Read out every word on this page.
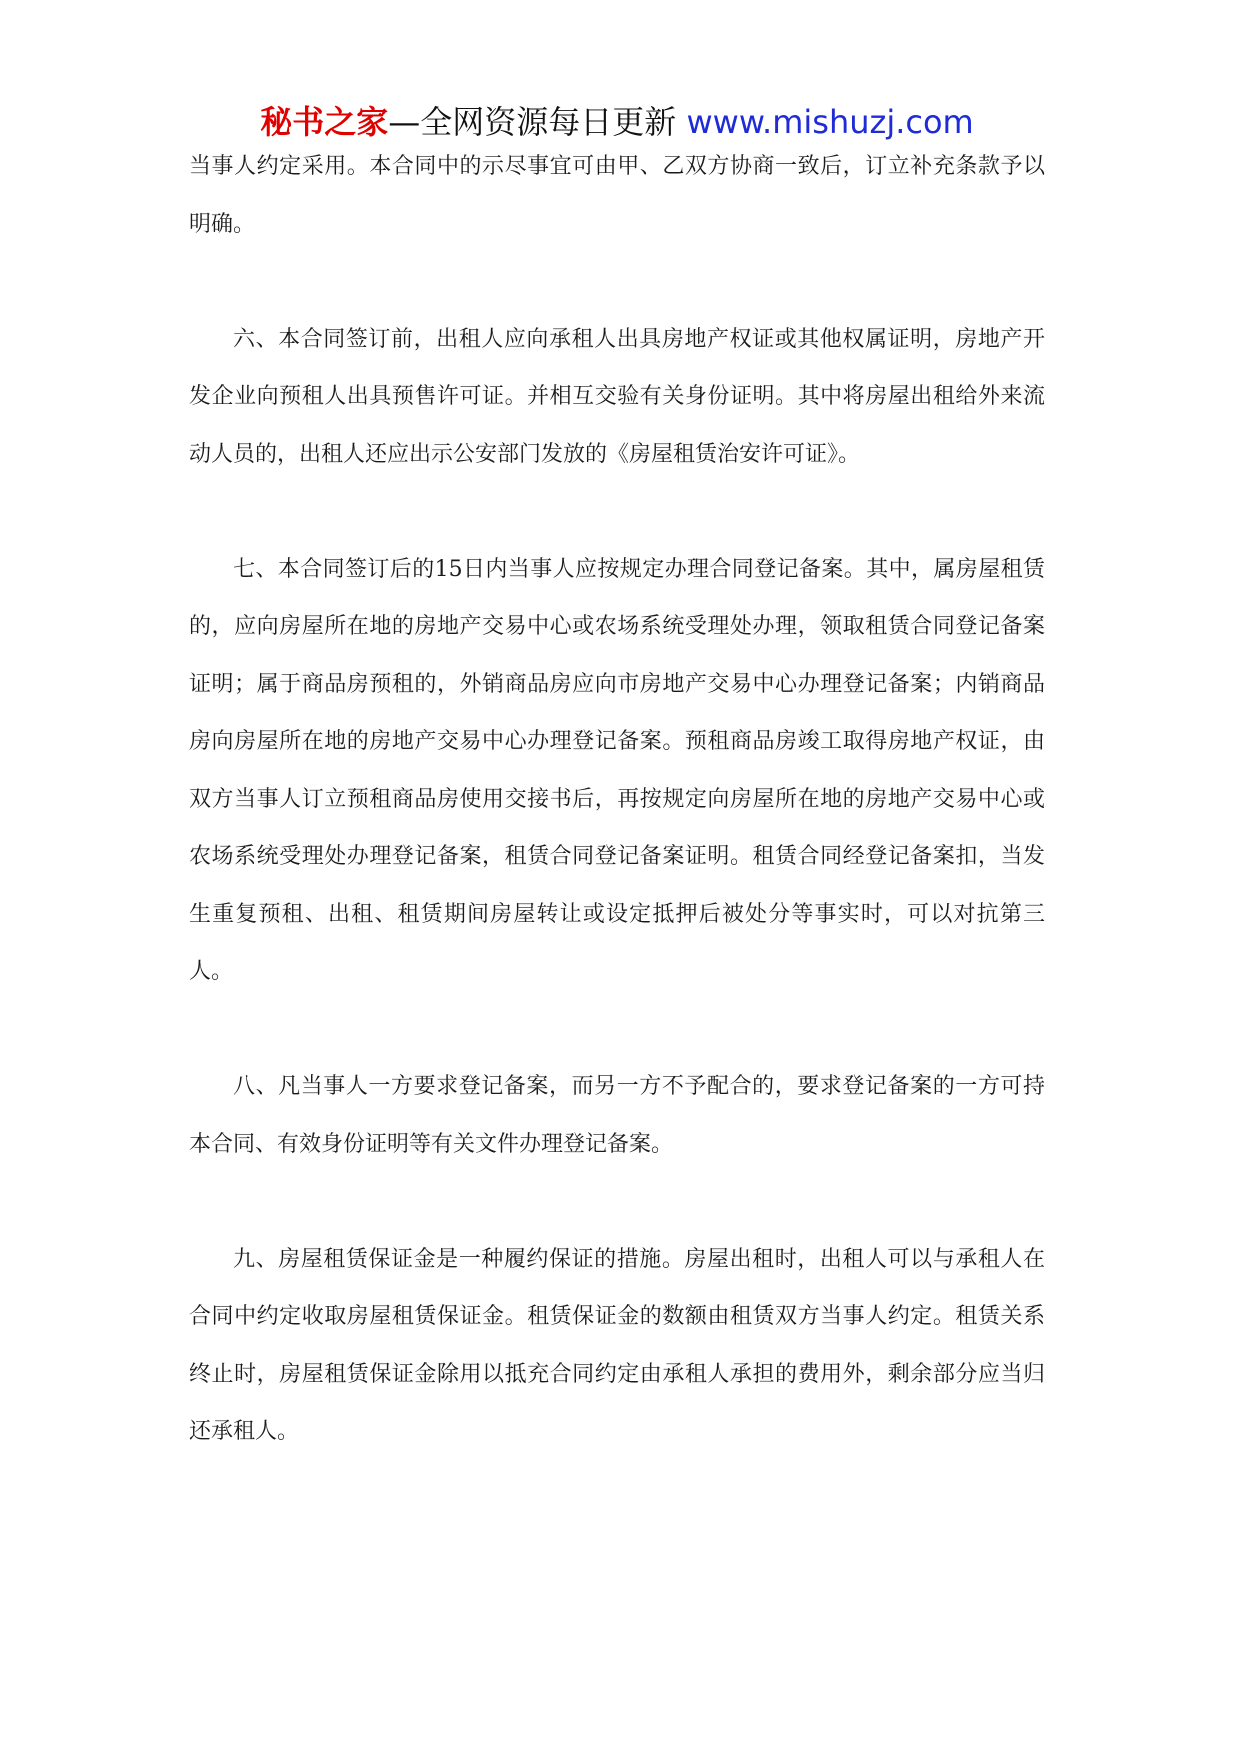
秘书之家—全网资源每日更新 www.mishuzj.com

当事人约定采用。本合同中的示尽事宜可由甲、乙双方协商一致后，订立补充条款予以明确。

六、本合同签订前，出租人应向承租人出具房地产权证或其他权属证明，房地产开发企业向预租人出具预售许可证。并相互交验有关身份证明。其中将房屋出租给外来流动人员的，出租人还应出示公安部门发放的《房屋租赁治安许可证》。

七、本合同签订后的15日内当事人应按规定办理合同登记备案。其中，属房屋租赁的，应向房屋所在地的房地产交易中心或农场系统受理处办理，领取租赁合同登记备案证明；属于商品房预租的，外销商品房应向市房地产交易中心办理登记备案；内销商品房向房屋所在地的房地产交易中心办理登记备案。预租商品房竣工取得房地产权证，由双方当事人订立预租商品房使用交接书后，再按规定向房屋所在地的房地产交易中心或农场系统受理处办理登记备案，租赁合同登记备案证明。租赁合同经登记备案扣，当发生重复预租、出租、租赁期间房屋转让或设定抵押后被处分等事实时，可以对抗第三人。

八、凡当事人一方要求登记备案，而另一方不予配合的，要求登记备案的一方可持本合同、有效身份证明等有关文件办理登记备案。

九、房屋租赁保证金是一种履约保证的措施。房屋出租时，出租人可以与承租人在合同中约定收取房屋租赁保证金。租赁保证金的数额由租赁双方当事人约定。租赁关系终止时，房屋租赁保证金除用以抵充合同约定由承租人承担的费用外，剩余部分应当归还承租人。
